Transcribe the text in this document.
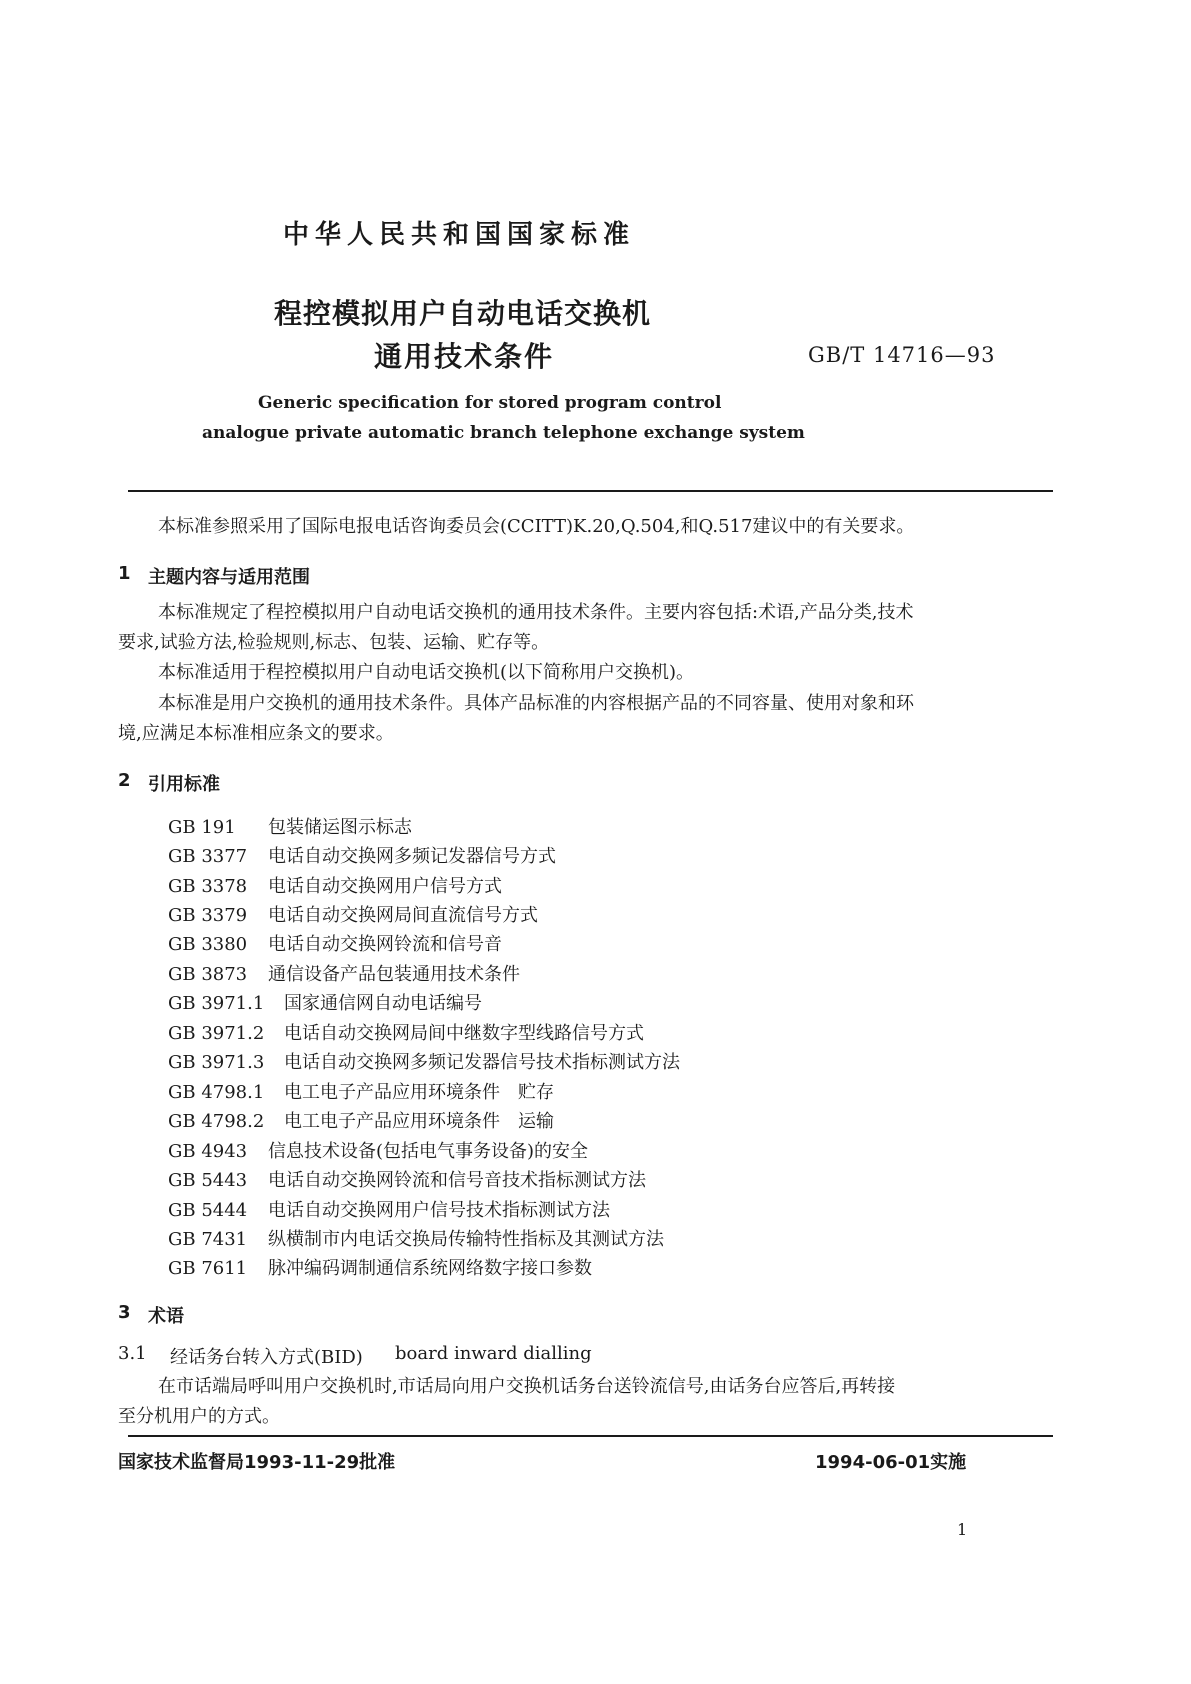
中华人民共和国国家标准
程控模拟用户自动电话交换机
通用技术条件	GB/T 14716—93
Generic specification for stored program control
analogue private automatic branch telephone exchange system
本标准参照采用了国际电报电话咨询委员会(CCITT)K.20,Q.504,和Q.517建议中的有关要求。
1 主题内容与适用范围
本标准规定了程控模拟用户自动电话交换机的通用技术条件。主要内容包括:术语,产品分类,技术
要求,试验方法,检验规则,标志、包装、运输、贮存等。
本标准适用于程控模拟用户自动电话交换机(以下简称用户交换机)。
本标准是用户交换机的通用技术条件。具体产品标准的内容根据产品的不同容量、使用对象和环
境,应满足本标准相应条文的要求。
2 引用标准
GB 191 包装储运图示标志
GB 3377 电话自动交换网多频记发器信号方式
GB 3378 电话自动交换网用户信号方式
GB 3379 电话自动交换网局间直流信号方式
GB 3380 电话自动交换网铃流和信号音
GB 3873 通信设备产品包装通用技术条件
GB 3971.1 国家通信网自动电话编号
GB 3971.2 电话自动交换网局间中继数字型线路信号方式
GB 3971.3 电话自动交换网多频记发器信号技术指标测试方法
GB 4798.1 电工电子产品应用环境条件　贮存
GB 4798.2 电工电子产品应用环境条件　运输
GB 4943 信息技术设备(包括电气事务设备)的安全
GB 5443 电话自动交换网铃流和信号音技术指标测试方法
GB 5444 电话自动交换网用户信号技术指标测试方法
GB 7431 纵横制市内电话交换局传输特性指标及其测试方法
GB 7611 脉冲编码调制通信系统网络数字接口参数
3 术语
3.1 经话务台转入方式(BID) board inward dialling
在市话端局呼叫用户交换机时,市话局向用户交换机话务台送铃流信号,由话务台应答后,再转接
至分机用户的方式。
国家技术监督局1993-11-29批准	1994-06-01实施
1
